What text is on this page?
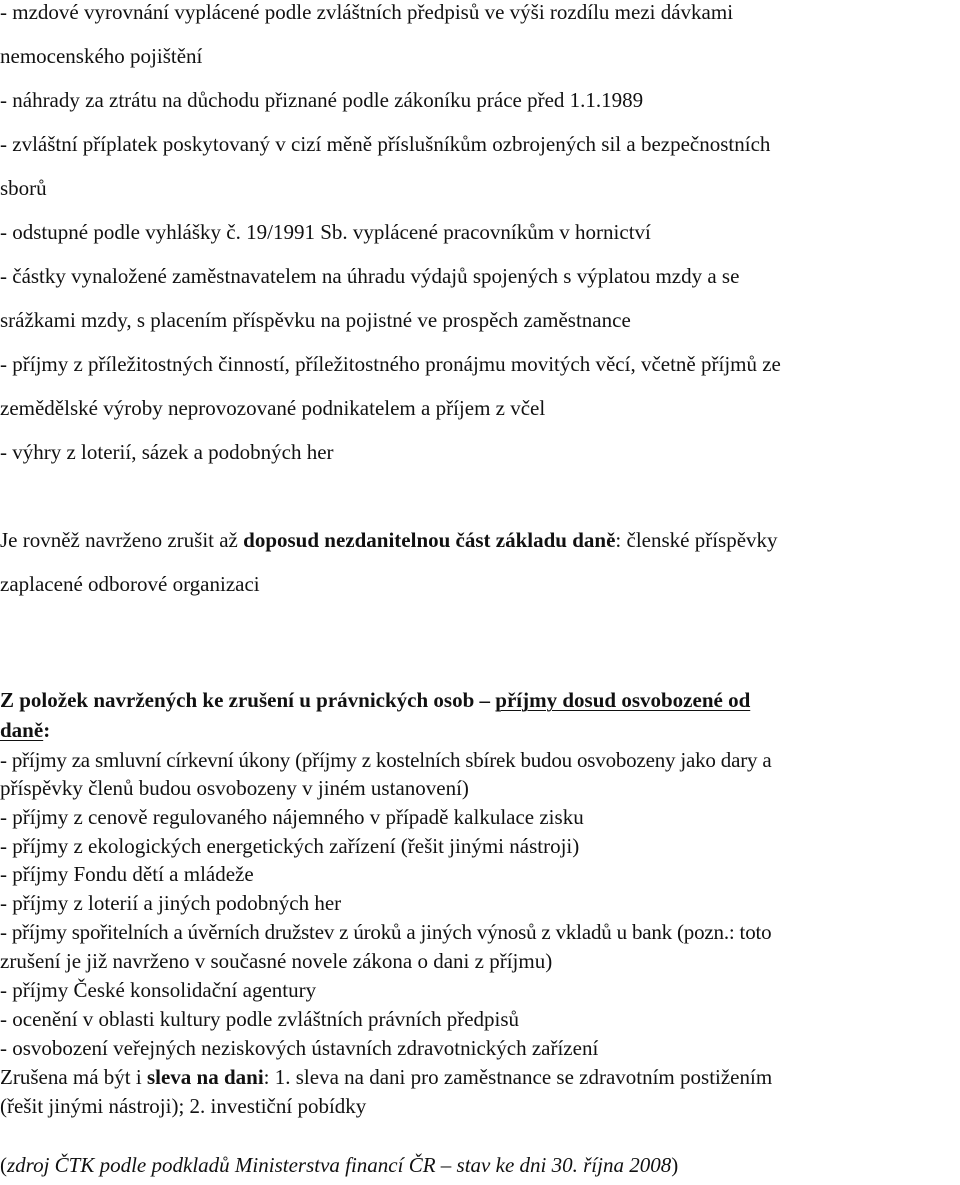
- mzdové vyrovnání vyplácené podle zvláštních předpisů ve výši rozdílu mezi dávkami
nemocenského pojištění
- náhrady za ztrátu na důchodu přiznané podle zákoníku práce před 1.1.1989
- zvláštní příplatek poskytovaný v cizí měně příslušníkům ozbrojených sil a bezpečnostních
sborů
- odstupné podle vyhlášky č. 19/1991 Sb. vyplácené pracovníkům v hornictví
- částky vynaložené zaměstnavatelem na úhradu výdajů spojených s výplatou mzdy a se
srážkami mzdy, s placením příspěvku na pojistné ve prospěch zaměstnance
- příjmy z příležitostných činností, příležitostného pronájmu movitých věcí, včetně příjmů ze
zemědělské výroby neprovozované podnikatelem a příjem z včel
- výhry z loterií, sázek a podobných her
Je rovněž navrženo zrušit až doposud nezdanitelnou část základu daně: členské příspěvky
zaplacené odborové organizaci
Z položek navržených ke zrušení u právnických osob – příjmy dosud osvobozené od
daně:
- příjmy za smluvní církevní úkony (příjmy z kostelních sbírek budou osvobozeny jako dary a
příspěvky členů budou osvobozeny v jiném ustanovení)
- příjmy z cenově regulovaného nájemného v případě kalkulace zisku
- příjmy z ekologických energetických zařízení (řešit jinými nástroji)
- příjmy Fondu dětí a mládeže
- příjmy z loterií a jiných podobných her
- příjmy spořitelních a úvěrních družstev z úroků a jiných výnosů z vkladů u bank (pozn.: toto
zrušení je již navrženo v současné novele zákona o dani z příjmu)
- příjmy České konsolidační agentury
- ocenění v oblasti kultury podle zvláštních právních předpisů
- osvobození veřejných neziskových ústavních zdravotnických zařízení
Zrušena má být i sleva na dani: 1. sleva na dani pro zaměstnance se zdravotním postižením
(řešit jinými nástroji); 2. investiční pobídky
(zdroj ČTK podle podkladů Ministerstva financí ČR – stav ke dni 30. října 2008)
